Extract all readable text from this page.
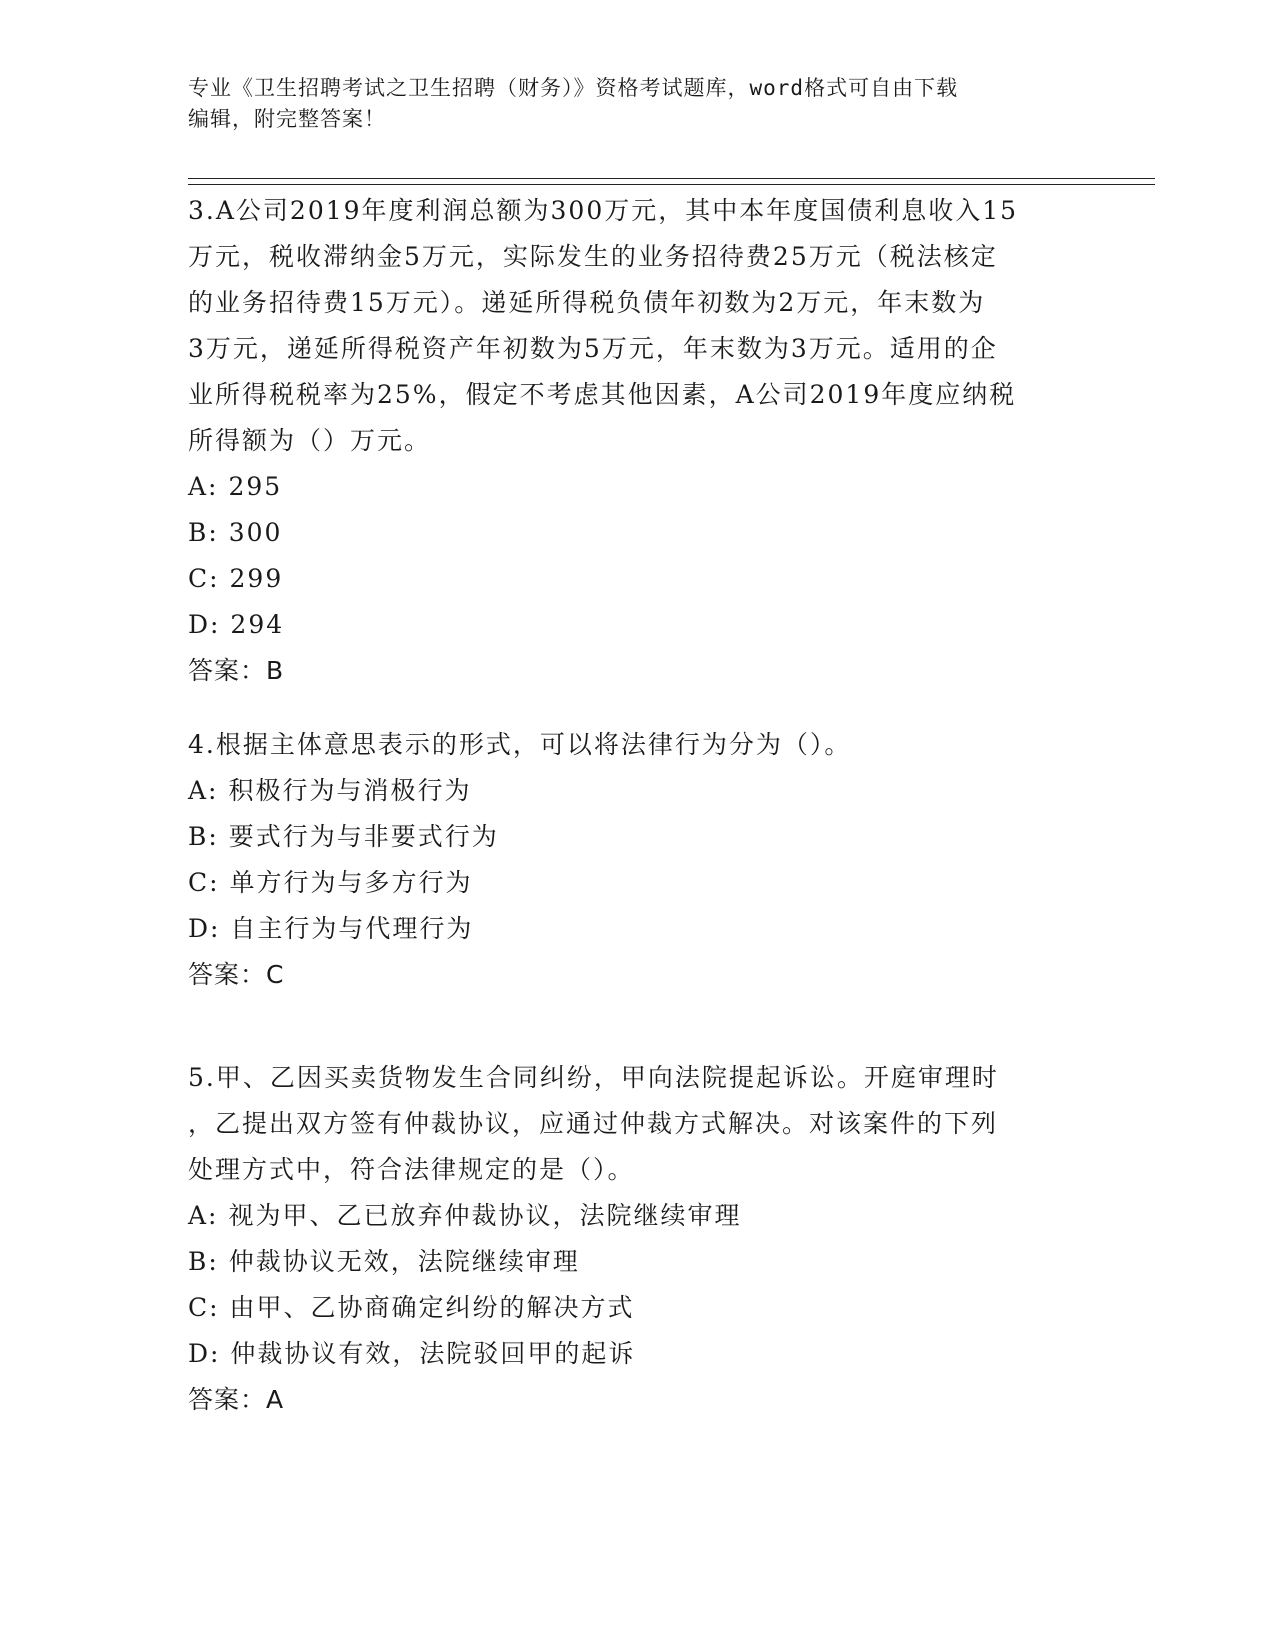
专业《卫生招聘考试之卫生招聘（财务）》资格考试题库，word格式可自由下载
编辑，附完整答案！
3.A公司2019年度利润总额为300万元，其中本年度国债利息收入15
万元，税收滞纳金5万元，实际发生的业务招待费25万元（税法核定
的业务招待费15万元）。递延所得税负债年初数为2万元，年末数为
3万元，递延所得税资产年初数为5万元，年末数为3万元。适用的企
业所得税税率为25%，假定不考虑其他因素，A公司2019年度应纳税
所得额为（）万元。
A: 295
B: 300
C: 299
D: 294
答案：B
4.根据主体意思表示的形式，可以将法律行为分为（）。
A: 积极行为与消极行为
B: 要式行为与非要式行为
C: 单方行为与多方行为
D: 自主行为与代理行为
答案：C
5.甲、乙因买卖货物发生合同纠纷，甲向法院提起诉讼。开庭审理时
，乙提出双方签有仲裁协议，应通过仲裁方式解决。对该案件的下列
处理方式中，符合法律规定的是（）。
A: 视为甲、乙已放弃仲裁协议，法院继续审理
B: 仲裁协议无效，法院继续审理
C: 由甲、乙协商确定纠纷的解决方式
D: 仲裁协议有效，法院驳回甲的起诉
答案：A
